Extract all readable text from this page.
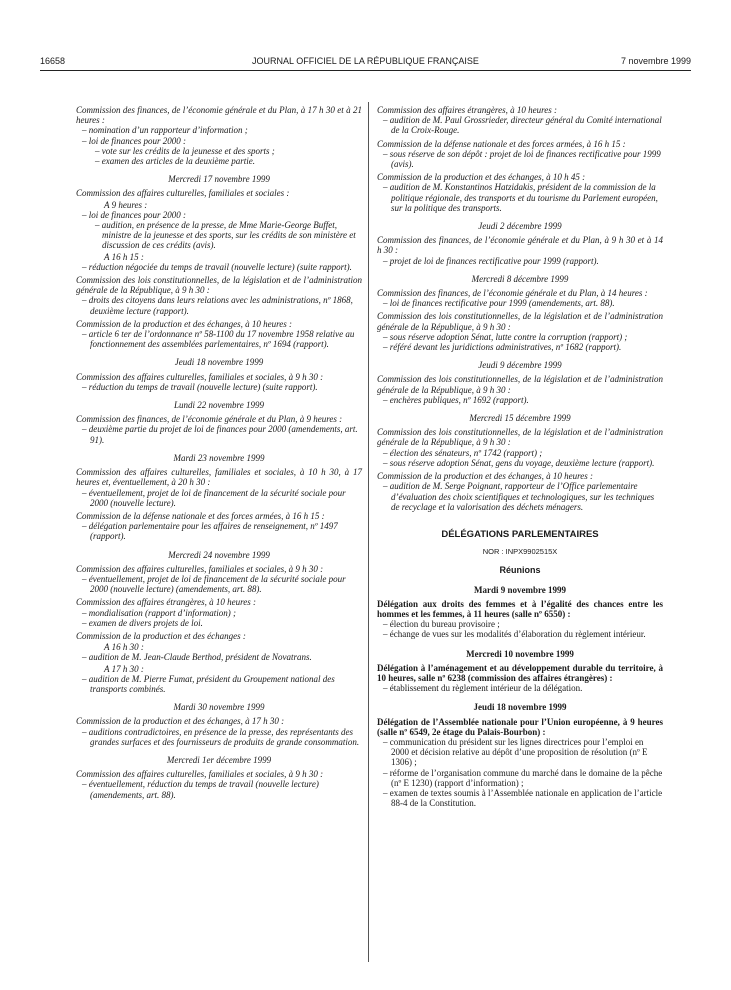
16658	JOURNAL OFFICIEL DE LA RÉPUBLIQUE FRANÇAISE	7 novembre 1999
Commission des finances, de l’économie générale et du Plan, à 17 h 30 et à 21 heures :
– nomination d’un rapporteur d’information ;
– loi de finances pour 2000 :
– vote sur les crédits de la jeunesse et des sports ;
– examen des articles de la deuxième partie.
Mercredi 17 novembre 1999
Commission des affaires culturelles, familiales et sociales :
A 9 heures :
– loi de finances pour 2000 :
– audition, en présence de la presse, de Mme Marie-George Buffet, ministre de la jeunesse et des sports, sur les crédits de son ministère et discussion de ces crédits (avis).
A 16 h 15 :
– réduction négociée du temps de travail (nouvelle lecture) (suite rapport).
Commission des lois constitutionnelles, de la législation et de l’administration générale de la République, à 9 h 30 :
– droits des citoyens dans leurs relations avec les administrations, nº 1868, deuxième lecture (rapport).
Commission de la production et des échanges, à 10 heures :
– article 6 ter de l’ordonnance nº 58-1100 du 17 novembre 1958 relative au fonctionnement des assemblées parlementaires, nº 1694 (rapport).
Jeudi 18 novembre 1999
Commission des affaires culturelles, familiales et sociales, à 9 h 30 :
– réduction du temps de travail (nouvelle lecture) (suite rapport).
Lundi 22 novembre 1999
Commission des finances, de l’économie générale et du Plan, à 9 heures :
– deuxième partie du projet de loi de finances pour 2000 (amendements, art. 91).
Mardi 23 novembre 1999
Commission des affaires culturelles, familiales et sociales, à 10 h 30, à 17 heures et, éventuellement, à 20 h 30 :
– éventuellement, projet de loi de financement de la sécurité sociale pour 2000 (nouvelle lecture).
Commission de la défense nationale et des forces armées, à 16 h 15 :
– délégation parlementaire pour les affaires de renseignement, nº 1497 (rapport).
Mercredi 24 novembre 1999
Commission des affaires culturelles, familiales et sociales, à 9 h 30 :
– éventuellement, projet de loi de financement de la sécurité sociale pour 2000 (nouvelle lecture) (amendements, art. 88).
Commission des affaires étrangères, à 10 heures :
– mondialisation (rapport d’information) ;
– examen de divers projets de loi.
Commission de la production et des échanges :
A 16 h 30 :
– audition de M. Jean-Claude Berthod, président de Novatrans.
A 17 h 30 :
– audition de M. Pierre Fumat, président du Groupement national des transports combinés.
Mardi 30 novembre 1999
Commission de la production et des échanges, à 17 h 30 :
– auditions contradictoires, en présence de la presse, des représentants des grandes surfaces et des fournisseurs de produits de grande consommation.
Mercredi 1er décembre 1999
Commission des affaires culturelles, familiales et sociales, à 9 h 30 :
– éventuellement, réduction du temps de travail (nouvelle lecture) (amendements, art. 88).
Commission des affaires étrangères, à 10 heures :
– audition de M. Paul Grossrieder, directeur général du Comité international de la Croix-Rouge.
Commission de la défense nationale et des forces armées, à 16 h 15 :
– sous réserve de son dépôt : projet de loi de finances rectificative pour 1999 (avis).
Commission de la production et des échanges, à 10 h 45 :
– audition de M. Konstantinos Hatzidakis, président de la commission de la politique régionale, des transports et du tourisme du Parlement européen, sur la politique des transports.
Jeudi 2 décembre 1999
Commission des finances, de l’économie générale et du Plan, à 9 h 30 et à 14 h 30 :
– projet de loi de finances rectificative pour 1999 (rapport).
Mercredi 8 décembre 1999
Commission des finances, de l’économie générale et du Plan, à 14 heures :
– loi de finances rectificative pour 1999 (amendements, art. 88).
Commission des lois constitutionnelles, de la législation et de l’administration générale de la République, à 9 h 30 :
– sous réserve adoption Sénat, lutte contre la corruption (rapport) ;
– référé devant les juridictions administratives, nº 1682 (rapport).
Jeudi 9 décembre 1999
Commission des lois constitutionnelles, de la législation et de l’administration générale de la République, à 9 h 30 :
– enchères publiques, nº 1692 (rapport).
Mercredi 15 décembre 1999
Commission des lois constitutionnelles, de la législation et de l’administration générale de la République, à 9 h 30 :
– élection des sénateurs, nº 1742 (rapport) ;
– sous réserve adoption Sénat, gens du voyage, deuxième lecture (rapport).
Commission de la production et des échanges, à 10 heures :
– audition de M. Serge Poignant, rapporteur de l’Office parlementaire d’évaluation des choix scientifiques et technologiques, sur les techniques de recyclage et la valorisation des déchets ménagers.
DÉLÉGATIONS PARLEMENTAIRES
NOR : INPX9902515X
Réunions
Mardi 9 novembre 1999
Délégation aux droits des femmes et à l’égalité des chances entre les hommes et les femmes, à 11 heures (salle nº 6550) :
– élection du bureau provisoire ;
– échange de vues sur les modalités d’élaboration du règlement intérieur.
Mercredi 10 novembre 1999
Délégation à l’aménagement et au développement durable du territoire, à 10 heures, salle nº 6238 (commission des affaires étrangères) :
– établissement du règlement intérieur de la délégation.
Jeudi 18 novembre 1999
Délégation de l’Assemblée nationale pour l’Union européenne, à 9 heures (salle nº 6549, 2e étage du Palais-Bourbon) :
– communication du président sur les lignes directrices pour l’emploi en 2000 et décision relative au dépôt d’une proposition de résolution (nº E 1306) ;
– réforme de l’organisation commune du marché dans le domaine de la pêche (nº E 1230) (rapport d’information) ;
– examen de textes soumis à l’Assemblée nationale en application de l’article 88-4 de la Constitution.
